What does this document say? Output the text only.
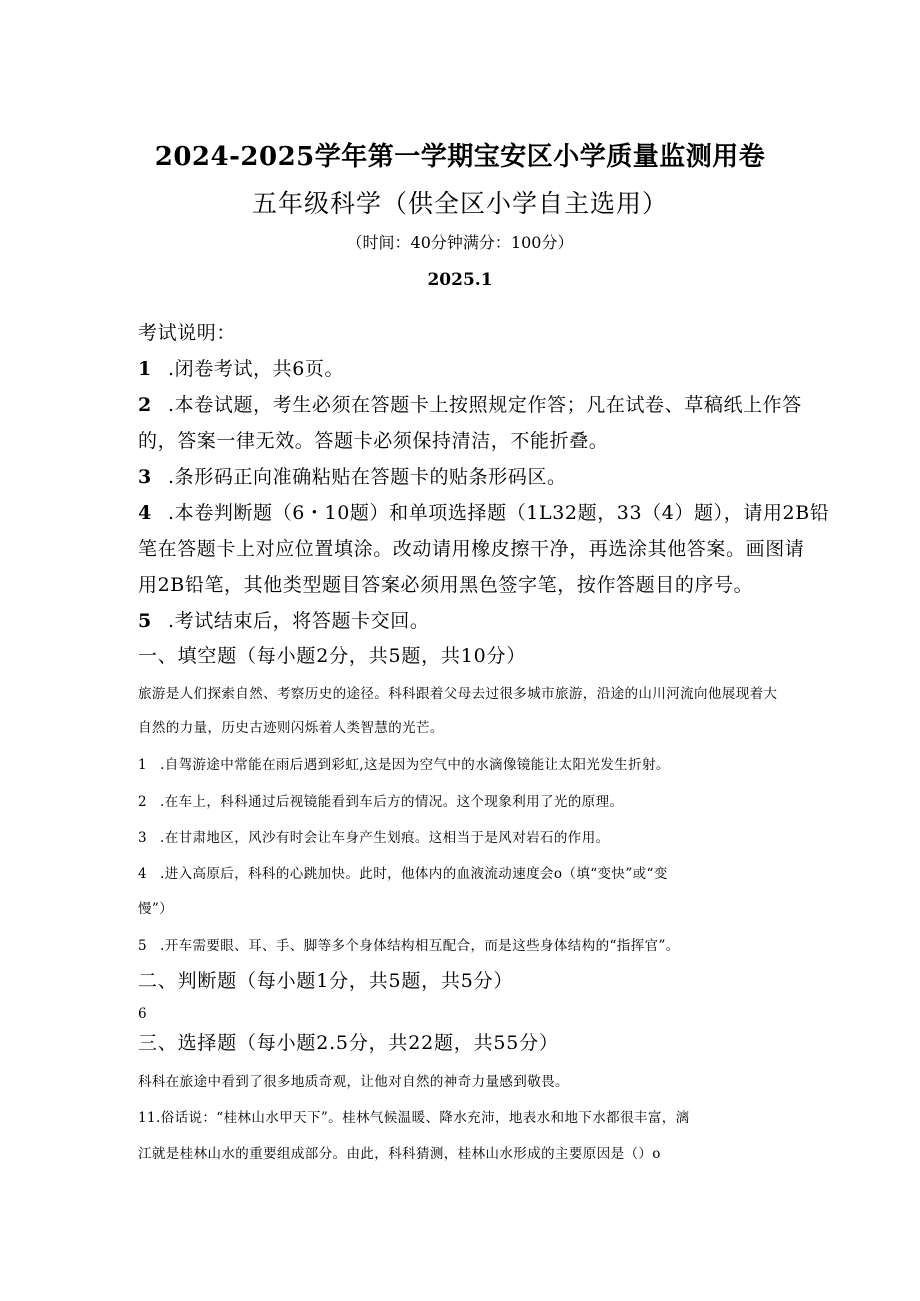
2024-2025学年第一学期宝安区小学质量监测用卷
五年级科学（供全区小学自主选用）
（时间：40分钟满分：100分）
2025.1
考试说明：
1 .闭卷考试，共6页。
2 .本卷试题，考生必须在答题卡上按照规定作答；凡在试卷、草稿纸上作答
的，答案一律无效。答题卡必须保持清洁，不能折叠。
3 .条形码正向准确粘贴在答题卡的贴条形码区。
4 .本卷判断题（6・10题）和单项选择题（1L32题，33（4）题），请用2B铅
笔在答题卡上对应位置填涂。改动请用橡皮擦干净，再选涂其他答案。画图请
用2B铅笔，其他类型题目答案必须用黑色签字笔，按作答题目的序号。
5 .考试结束后，将答题卡交回。
一、填空题（每小题2分，共5题，共10分）
旅游是人们探索自然、考察历史的途径。科科跟着父母去过很多城市旅游，沿途的山川河流向他展现着大
自然的力量，历史古迹则闪烁着人类智慧的光芒。
1 .自驾游途中常能在雨后遇到彩虹,这是因为空气中的水滴像镜能让太阳光发生折射。
2 .在车上，科科通过后视镜能看到车后方的情况。这个现象利用了光的原理。
3 .在甘肃地区，风沙有时会让车身产生划痕。这相当于是风对岩石的作用。
4 .进入高原后，科科的心跳加快。此时，他体内的血液流动速度会o（填“变快”或“变
慢”）
5 .开车需要眼、耳、手、脚等多个身体结构相互配合，而是这些身体结构的“指挥官”。
二、判断题（每小题1分，共5题，共5分）
6
三、选择题（每小题2.5分，共22题，共55分）
科科在旅途中看到了很多地质奇观，让他对自然的神奇力量感到敬畏。
11.俗话说：“桂林山水甲天下”。桂林气候温暖、降水充沛，地表水和地下水都很丰富，漓
江就是桂林山水的重要组成部分。由此，科科猜测，桂林山水形成的主要原因是（）o
